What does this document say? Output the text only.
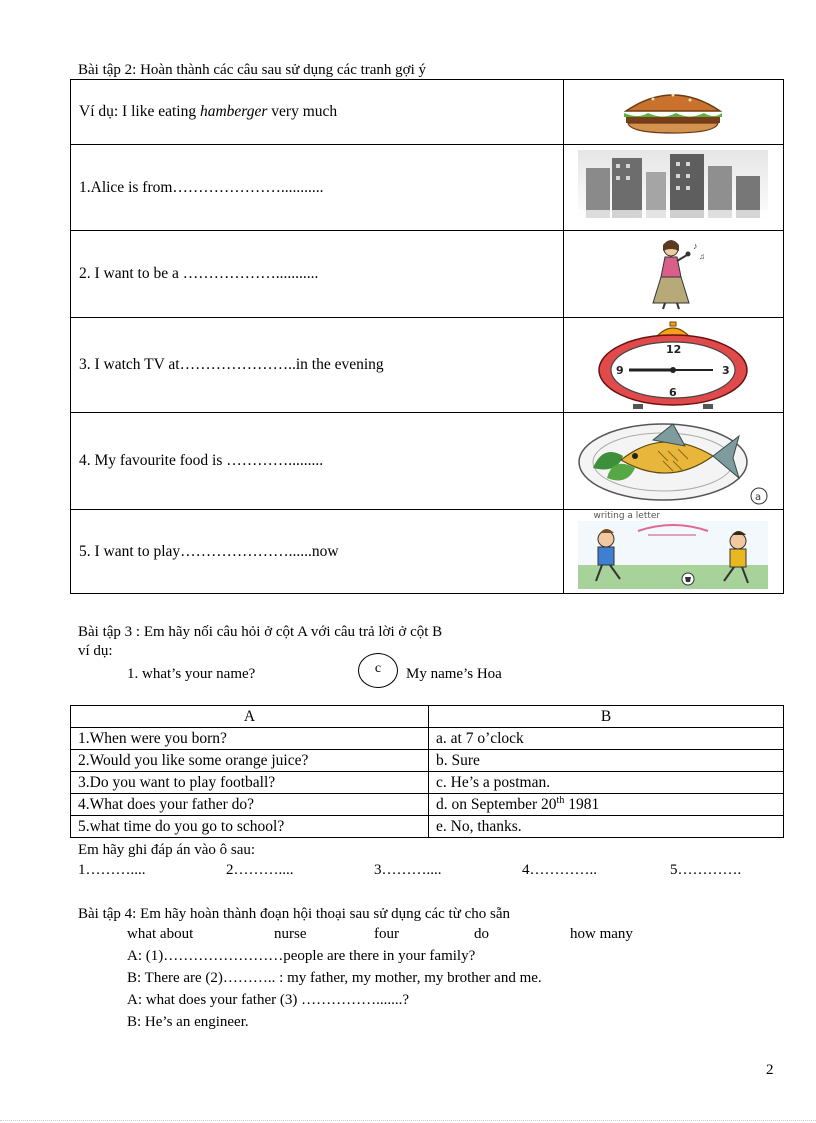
Bài tập 2: Hoàn thành các câu sau sử dụng các tranh gợi ý
Ví dụ: I like eating hamberger very much	

1.Alice is from…………………...........	

2. I want to be a ………………...........	♪
♫

3. I watch TV at…………………..in the evening	12
9 3
6

4. My favourite food is ………….........	a

5. I want to play…………………......now	writing a letter
Bài tập 3 : Em hãy nối câu hỏi ở cột A với câu trả lời ở cột B
ví dụ:
1. what’s your name?	c	My name’s Hoa
A	B
1.When were you born?	a. at 7 o’clock
2.Would you like some orange juice?	b. Sure
3.Do you want to play football?	c. He’s a postman.
4.What does your father do?	d. on September 20th 1981
5.what time do you go to school?	e. No, thanks.
Em hãy ghi đáp án vào ô sau:
1………....	2………....	3………....	4…………..	5………….
Bài tập 4: Em hãy hoàn thành đoạn hội thoại sau sử dụng các từ cho sẵn
what about	nurse	four	do	how many
A: (1)……………………people are there in your family?
B: There are (2)……….. : my father, my mother, my brother and me.
A: what does your father (3) …………….......?
B: He’s an engineer.
2
